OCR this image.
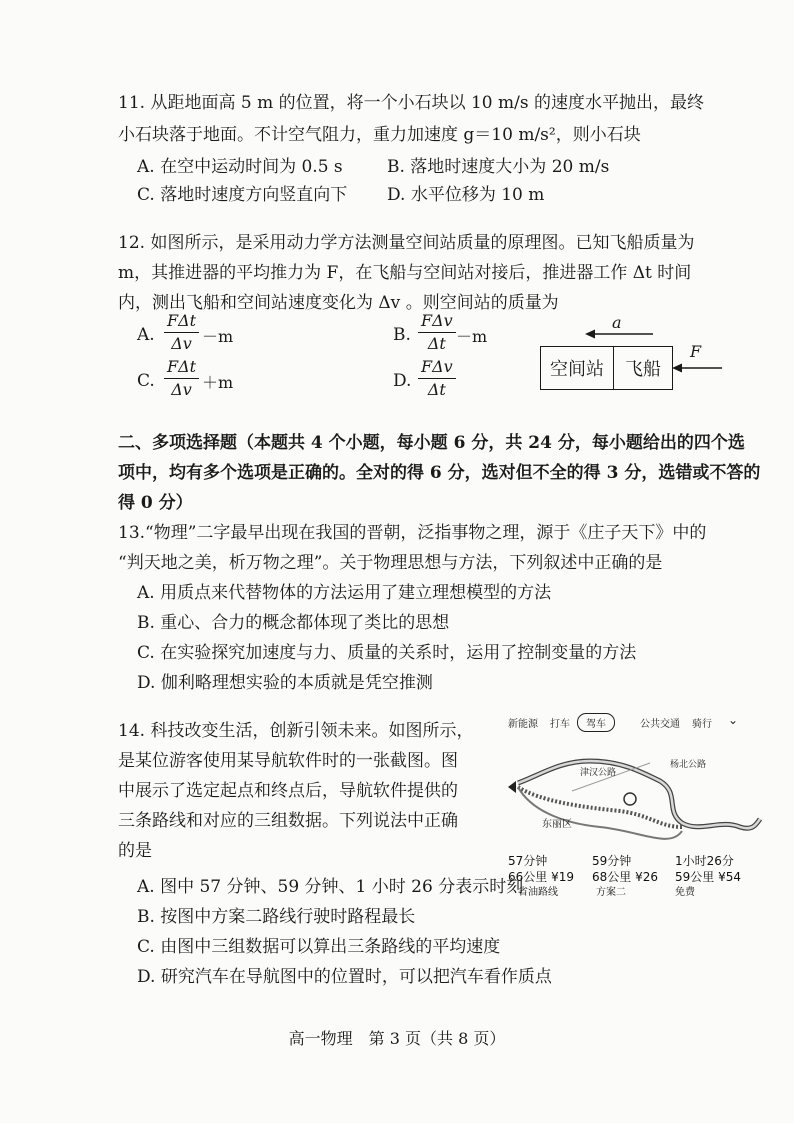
11. 从距地面高 5 m 的位置，将一个小石块以 10 m/s 的速度水平抛出，最终
小石块落于地面。不计空气阻力，重力加速度 g＝10 m/s²，则小石块
A. 在空中运动时间为 0.5 s	B. 落地时速度大小为 20 m/s
C. 落地时速度方向竖直向下 D. 水平位移为 10 m
12. 如图所示，是采用动力学方法测量空间站质量的原理图。已知飞船质量为
m，其推进器的平均推力为 F，在飞船与空间站对接后，推进器工作 Δt 时间
内，测出飞船和空间站速度变化为 Δv 。则空间站的质量为
A.
FΔt
Δv －m	B.
FΔv
Δt －m
C.
FΔt
Δv ＋m	D.
FΔv
Δt
a
空间站	飞船
F
二、多项选择题（本题共 4 个小题，每小题 6 分，共 24 分，每小题给出的四个选
项中，均有多个选项是正确的。全对的得 6 分，选对但不全的得 3 分，选错或不答的
得 0 分）
13.“物理”二字最早出现在我国的晋朝，泛指事物之理，源于《庄子天下》中的
“判天地之美，析万物之理”。关于物理思想与方法，下列叙述中正确的是
A. 用质点来代替物体的方法运用了建立理想模型的方法
B. 重心、合力的概念都体现了类比的思想
C. 在实验探究加速度与力、质量的关系时，运用了控制变量的方法
D. 伽利略理想实验的本质就是凭空推测
14. 科技改变生活，创新引领未来。如图所示，
是某位游客使用某导航软件时的一张截图。图
中展示了选定起点和终点后，导航软件提供的
三条路线和对应的三组数据。下列说法中正确
的是
A. 图中 57 分钟、59 分钟、1 小时 26 分表示时刻
B. 按图中方案二路线行驶时路程最长
C. 由图中三组数据可以算出三条路线的平均速度
D. 研究汽车在导航图中的位置时，可以把汽车看作质点
新能源 打车	驾车	公共交通 骑行 ⌄
津汉公路
杨北公路
东丽区
57分钟
66公里 ¥19
省油路线
59分钟
68公里 ¥26
方案二
1小时26分
59公里 ¥54
免费
高一物理　第 3 页（共 8 页）
